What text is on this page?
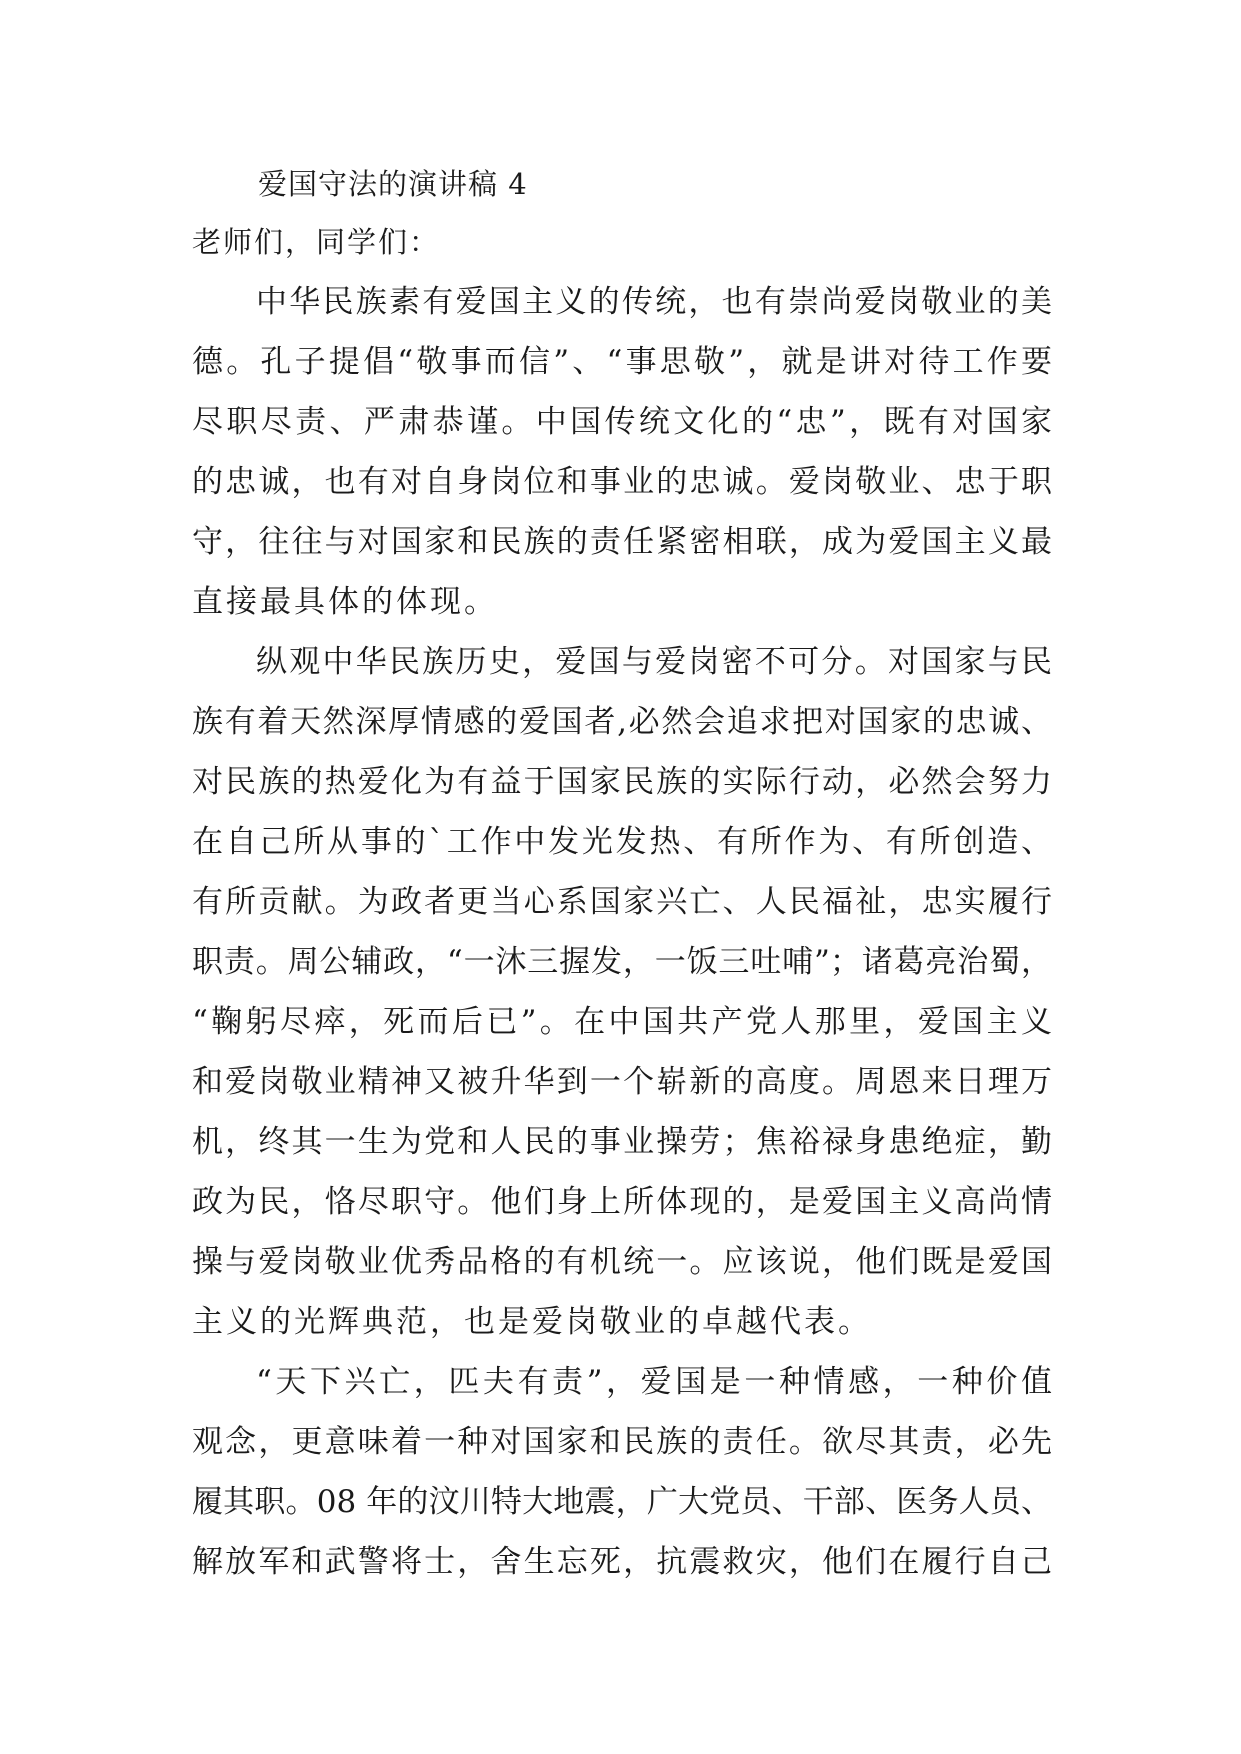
爱国守法的演讲稿 4
老师们，同学们：
中华民族素有爱国主义的传统，也有崇尚爱岗敬业的美
德。孔子提倡“敬事而信”、“事思敬”，就是讲对待工作要
尽职尽责、严肃恭谨。中国传统文化的“忠”，既有对国家
的忠诚，也有对自身岗位和事业的忠诚。爱岗敬业、忠于职
守，往往与对国家和民族的责任紧密相联，成为爱国主义最
直接最具体的体现。
纵观中华民族历史，爱国与爱岗密不可分。对国家与民
族有着天然深厚情感的爱国者,必然会追求把对国家的忠诚、
对民族的热爱化为有益于国家民族的实际行动，必然会努力
在自己所从事的`工作中发光发热、有所作为、有所创造、
有所贡献。为政者更当心系国家兴亡、人民福祉，忠实履行
职责。周公辅政，“一沐三握发，一饭三吐哺”；诸葛亮治蜀，
“鞠躬尽瘁，死而后已”。在中国共产党人那里，爱国主义
和爱岗敬业精神又被升华到一个崭新的高度。周恩来日理万
机，终其一生为党和人民的事业操劳；焦裕禄身患绝症，勤
政为民，恪尽职守。他们身上所体现的，是爱国主义高尚情
操与爱岗敬业优秀品格的有机统一。应该说，他们既是爱国
主义的光辉典范，也是爱岗敬业的卓越代表。
“天下兴亡，匹夫有责”，爱国是一种情感，一种价值
观念，更意味着一种对国家和民族的责任。欲尽其责，必先
履其职。08 年的汶川特大地震，广大党员、干部、医务人员、
解放军和武警将士，舍生忘死，抗震救灾，他们在履行自己
